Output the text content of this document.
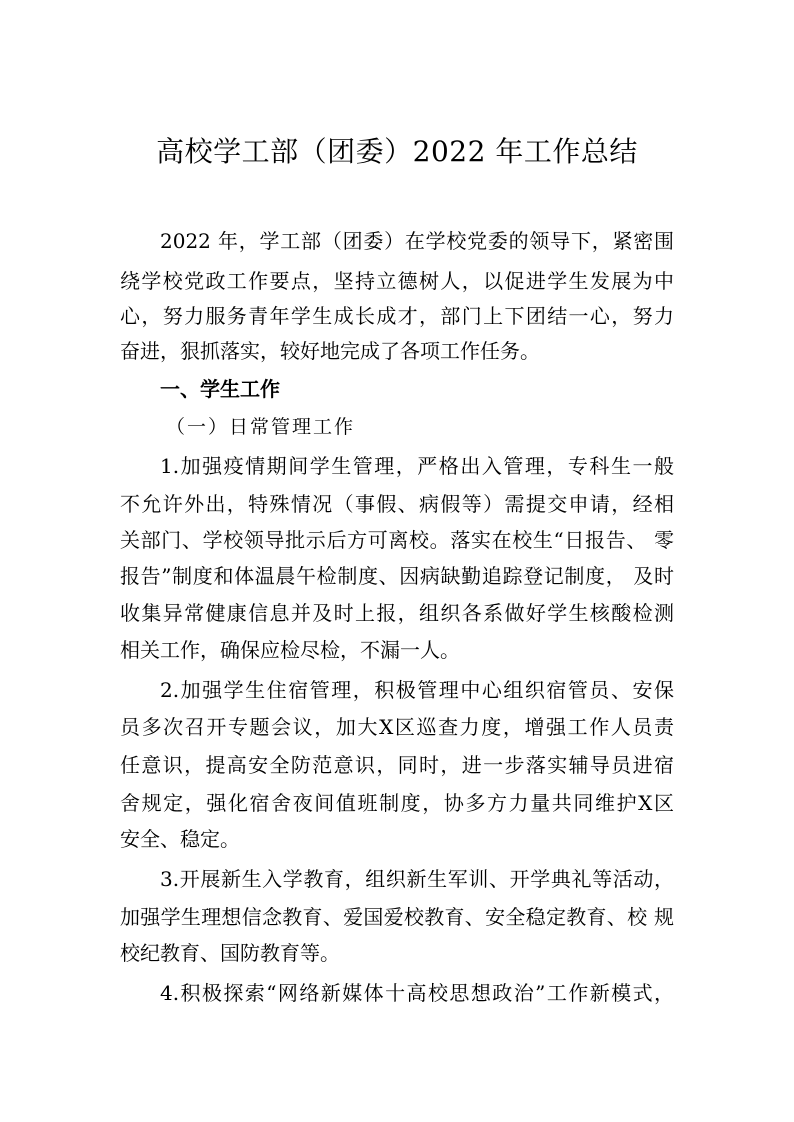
高校学工部（团委）2022 年工作总结
2022 年，学工部（团委）在学校党委的领导下，紧密围
绕学校党政工作要点，坚持立德树人，以促进学生发展为中
心，努力服务青年学生成长成才，部门上下团结一心，努力
奋进，狠抓落实，较好地完成了各项工作任务。
一、学生工作
（一）日常管理工作
1.加强疫情期间学生管理，严格出入管理，专科生一般
不允许外出，特殊情况（事假、病假等）需提交申请，经相
关部门、学校领导批示后方可离校。落实在校生“日报告、 零
报告”制度和体温晨午检制度、因病缺勤追踪登记制度， 及时
收集异常健康信息并及时上报，组织各系做好学生核酸检测
相关工作，确保应检尽检，不漏一人。
2.加强学生住宿管理，积极管理中心组织宿管员、安保
员多次召开专题会议，加大X区巡查力度，增强工作人员责
任意识，提高安全防范意识，同时，进一步落实辅导员进宿
舍规定，强化宿舍夜间值班制度，协多方力量共同维护X区
安全、稳定。
3.开展新生入学教育，组织新生军训、开学典礼等活动，
加强学生理想信念教育、爱国爱校教育、安全稳定教育、校 规
校纪教育、国防教育等。
4.积极探索“网络新媒体十高校思想政治”工作新模式，
